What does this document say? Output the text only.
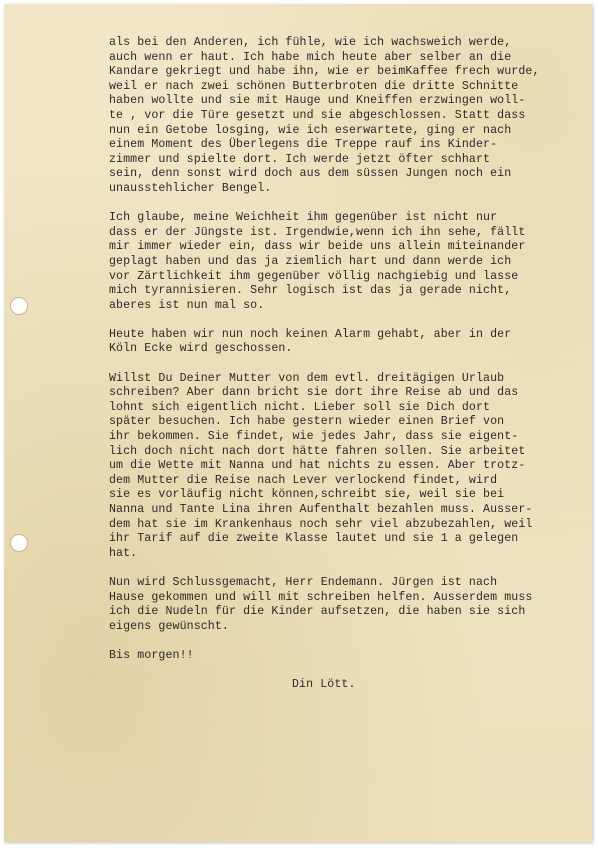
als bei den Anderen, ich fühle, wie ich wachsweich werde,
auch wenn er haut. Ich habe mich heute aber selber an die
Kandare gekriegt und habe ihn, wie er beimKaffee frech wurde,
weil er nach zwei schönen Butterbroten die dritte Schnitte
haben wollte und sie mit Hauge und Kneiffen erzwingen woll-
te , vor die Türe gesetzt und sie abgeschlossen. Statt dass
nun ein Getobe losging, wie ich eserwartete, ging er nach
einem Moment des Überlegens die Treppe rauf ins Kinder-
zimmer und spielte dort. Ich werde jetzt öfter schhart
sein, denn sonst wird doch aus dem süssen Jungen noch ein
unausstehlicher Bengel.
Ich glaube, meine Weichheit ihm gegenüber ist nicht nur
dass er der Jüngste ist. Irgendwie,wenn ich ihn sehe, fällt
mir immer wieder ein, dass wir beide uns allein miteinander
geplagt haben und das ja ziemlich hart und dann werde ich
vor Zärtlichkeit ihm gegenüber völlig nachgiebig und lasse
mich tyrannisieren. Sehr logisch ist das ja gerade nicht,
aberes ist nun mal so.
Heute haben wir nun noch keinen Alarm gehabt, aber in der
Köln Ecke wird geschossen.
Willst Du Deiner Mutter von dem evtl. dreitägigen Urlaub
schreiben? Aber dann bricht sie dort ihre Reise ab und das
lohnt sich eigentlich nicht. Lieber soll sie Dich dort
später besuchen. Ich habe gestern wieder einen Brief von
ihr bekommen. Sie findet, wie jedes Jahr, dass sie eigent-
lich doch nicht nach dort hätte fahren sollen. Sie arbeitet
um die Wette mit Nanna und hat nichts zu essen. Aber trotz-
dem Mutter die Reise nach Lever verlockend findet, wird
sie es vorläufig nicht können,schreibt sie, weil sie bei
Nanna und Tante Lina ihren Aufenthalt bezahlen muss. Ausser-
dem hat sie im Krankenhaus noch sehr viel abzubezahlen, weil
ihr Tarif auf die zweite Klasse lautet und sie 1 a gelegen
hat.
Nun wird Schlussgemacht, Herr Endemann. Jürgen ist nach
Hause gekommen und will mit schreiben helfen. Ausserdem muss
ich die Nudeln für die Kinder aufsetzen, die haben sie sich
eigens gewünscht.
Bis morgen!!
Din Lött.
